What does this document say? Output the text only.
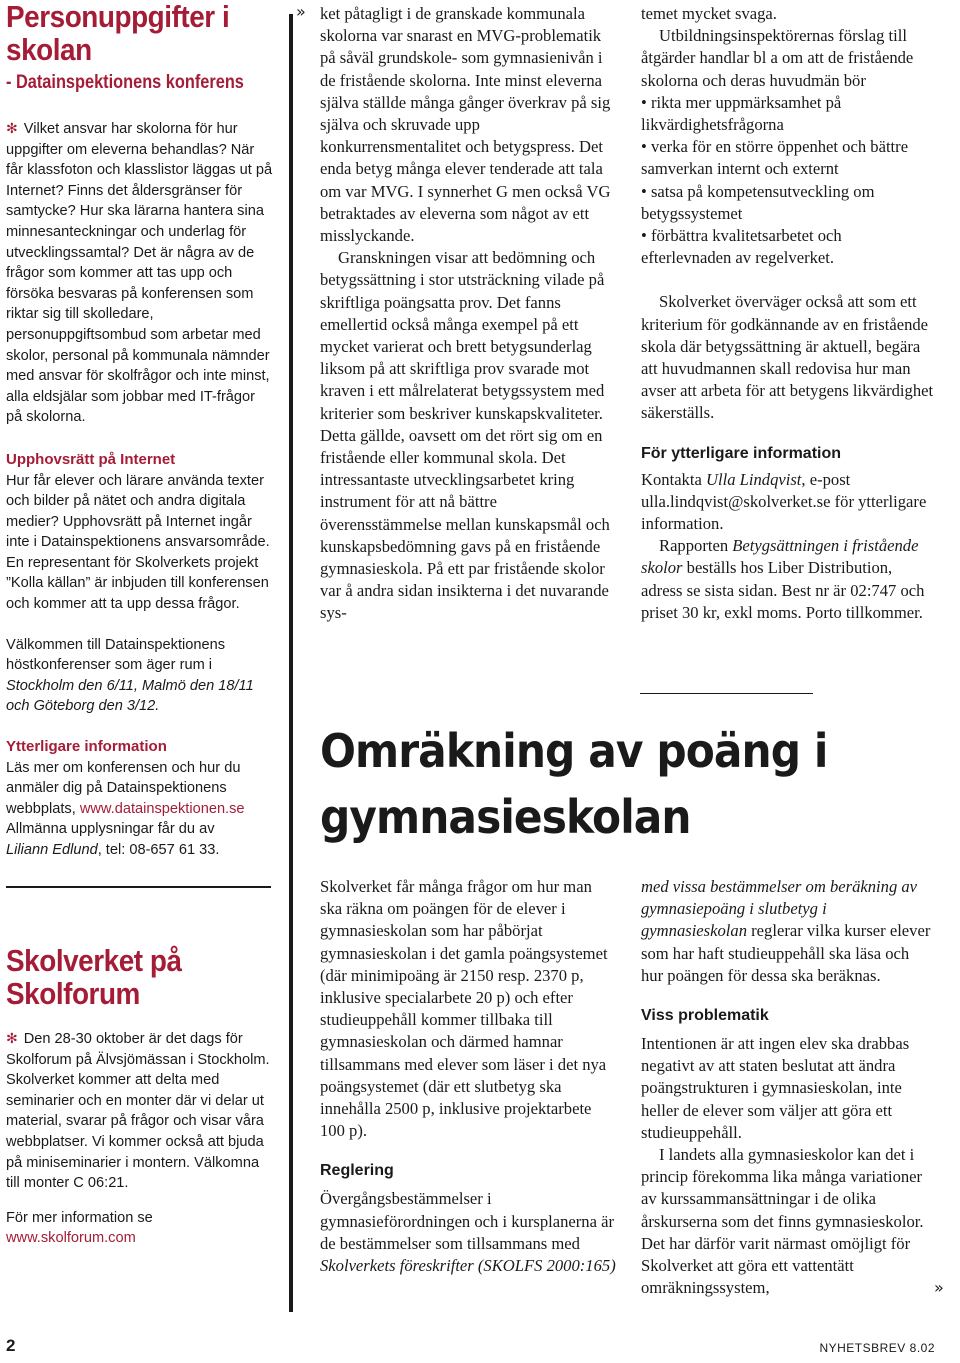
Personuppgifter i skolan
- Datainspektionens konferens

✻ Vilket ansvar har skolorna för hur uppgifter om eleverna behandlas? När får klassfoton och klasslistor läggas ut på Internet? Finns det åldersgränser för samtycke? Hur ska lärarna hantera sina minnesanteckningar och underlag för utvecklingssamtal? Det är några av de frågor som kommer att tas upp och försöka besvaras på konferensen som riktar sig till skolledare, personuppgiftsombud som arbetar med skolor, personal på kommunala nämnder med ansvar för skolfrågor och inte minst, alla eldsjälar som jobbar med IT-frågor på skolorna.

Upphovsrätt på Internet
Hur får elever och lärare använda texter och bilder på nätet och andra digitala medier? Upphovsrätt på Internet ingår inte i Datainspektionens ansvarsområde. En representant för Skolverkets projekt ”Kolla källan” är inbjuden till konferensen och kommer att ta upp dessa frågor.
Välkommen till Datainspektionens höstkonferenser som äger rum i Stockholm den 6/11, Malmö den 18/11 och Göteborg den 3/12.
Ytterligare information
Läs mer om konferensen och hur du anmäler dig på Datainspektionens webbplats, www.datainspektionen.se
Allmänna upplysningar får du av
Liliann Edlund, tel: 08-657 61 33.
Skolverket på Skolforum

✻ Den 28-30 oktober är det dags för Skolforum på Älvsjömässan i Stockholm. Skolverket kommer att delta med seminarier och en monter där vi delar ut material, svarar på frågor och visar våra webbplatser. Vi kommer också att bjuda på miniseminarier i montern. Välkomna till monter C 06:21.

För mer information se
www.skolforum.com
» ket påtagligt i de granskade kommunala skolorna var snarast en MVG-problematik på såväl grundskole- som gymnasienivån i de fristående skolorna. Inte minst eleverna själva ställde många gånger överkrav på sig själva och skruvade upp konkurrensmentalitet och betygspress. Det enda betyg många elever tenderade att tala om var MVG. I synnerhet G men också VG betraktades av eleverna som något av ett misslyckande.
Granskningen visar att bedömning och betygssättning i stor utsträckning vilade på skriftliga poängsatta prov. Det fanns emellertid också många exempel på ett mycket varierat och brett betygsunderlag liksom på att skriftliga prov svarade mot kraven i ett målrelaterat betygssystem med kriterier som beskriver kunskapskvaliteter. Detta gällde, oavsett om det rört sig om en fristående eller kommunal skola. Det intressantaste utvecklingsarbetet kring instrument för att nå bättre överensstämmelse mellan kunskapsmål och kunskapsbedömning gavs på en fristående gymnasieskola. På ett par fristående skolor var å andra sidan insikterna i det nuvarande sys-
temet mycket svaga.
Utbildningsinspektörernas förslag till åtgärder handlar bl a om att de fristående skolorna och deras huvudmän bör
• rikta mer uppmärksamhet på likvärdighetsfrågorna
• verka för en större öppenhet och bättre samverkan internt och externt
• satsa på kompetensutveckling om betygssystemet
• förbättra kvalitetsarbetet och efterlevnaden av regelverket.
Skolverket överväger också att som ett kriterium för godkännande av en fristående skola där betygssättning är aktuell, begära att huvudmannen skall redovisa hur man avser att arbeta för att betygens likvärdighet säkerställs.
För ytterligare information
Kontakta Ulla Lindqvist, e-post ulla.lindqvist@skolverket.se för ytterligare information.
Rapporten Betygsättningen i fristående skolor beställs hos Liber Distribution, adress se sista sidan. Best nr är 02:747 och priset 30 kr, exkl moms. Porto tillkommer.
Omräkning av poäng i gymnasieskolan
Skolverket får många frågor om hur man ska räkna om poängen för de elever i gymnasieskolan som har påbörjat gymnasieskolan i det gamla poängsystemet (där minimipoäng är 2150 resp. 2370 p, inklusive specialarbete 20 p) och efter studieuppehåll kommer tillbaka till gymnasieskolan och därmed hamnar tillsammans med elever som läser i det nya poängsystemet (där ett slutbetyg ska innehålla 2500 p, inklusive projektarbete 100 p).
Reglering
Övergångsbestämmelser i gymnasieförordningen och i kursplanerna är de bestämmelser som tillsammans med Skolverkets föreskrifter (SKOLFS 2000:165)
med vissa bestämmelser om beräkning av gymnasiepoäng i slutbetyg i gymnasieskolan reglerar vilka kurser elever som har haft studieuppehåll ska läsa och hur poängen för dessa ska beräknas.
Viss problematik
Intentionen är att ingen elev ska drabbas negativt av att staten beslutat att ändra poängstrukturen i gymnasieskolan, inte heller de elever som väljer att göra ett studieuppehåll.
I landets alla gymnasieskolor kan det i princip förekomma lika många variationer av kurssammansättningar i de olika årskurserna som det finns gymnasieskolor. Det har därför varit närmast omöjligt för Skolverket att göra ett vattentätt omräkningssystem,	»
2	NYHETSBREV 8.02
